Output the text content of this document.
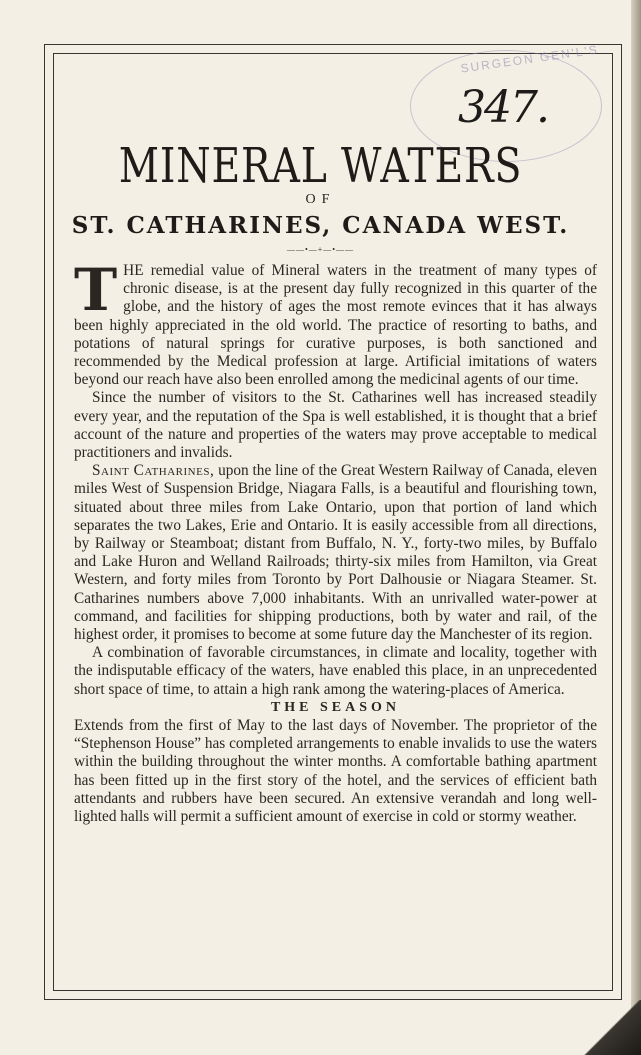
SURGEON GEN'L'S
347.
MINERAL WATERS
OF
ST. CATHARINES, CANADA WEST.
——•—+—•——

THE remedial value of Mineral waters in the treatment of many types of chronic disease, is at the present day fully recognized in this quarter of the globe, and the history of ages the most remote evinces that it has always been highly appreciated in the old world. The practice of resorting to baths, and potations of natural springs for curative purposes, is both sanctioned and recommended by the Medical profession at large. Artificial imitations of waters beyond our reach have also been enrolled among the medicinal agents of our time.

Since the number of visitors to the St. Catharines well has increased steadily every year, and the reputation of the Spa is well established, it is thought that a brief account of the nature and properties of the waters may prove acceptable to medical practitioners and invalids.

Saint Catharines, upon the line of the Great Western Railway of Canada, eleven miles West of Suspension Bridge, Niagara Falls, is a beautiful and flourishing town, situated about three miles from Lake Ontario, upon that portion of land which separates the two Lakes, Erie and Ontario. It is easily accessible from all directions, by Railway or Steamboat; distant from Buffalo, N. Y., forty-two miles, by Buffalo and Lake Huron and Welland Railroads; thirty-six miles from Hamilton, via Great Western, and forty miles from Toronto by Port Dalhousie or Niagara Steamer. St. Catharines numbers above 7,000 inhabitants. With an unrivalled water-power at command, and facilities for shipping productions, both by water and rail, of the highest order, it promises to become at some future day the Manchester of its region.

A combination of favorable circumstances, in climate and locality, together with the indisputable efficacy of the waters, have enabled this place, in an unprecedented short space of time, to attain a high rank among the watering-places of America.

THE SEASON

Extends from the first of May to the last days of November. The proprietor of the “Stephenson House” has completed arrangements to enable invalids to use the waters within the building throughout the winter months. A comfortable bathing apartment has been fitted up in the first story of the hotel, and the services of efficient bath attendants and rubbers have been secured. An extensive verandah and long well-lighted halls will permit a sufficient amount of exercise in cold or stormy weather.
